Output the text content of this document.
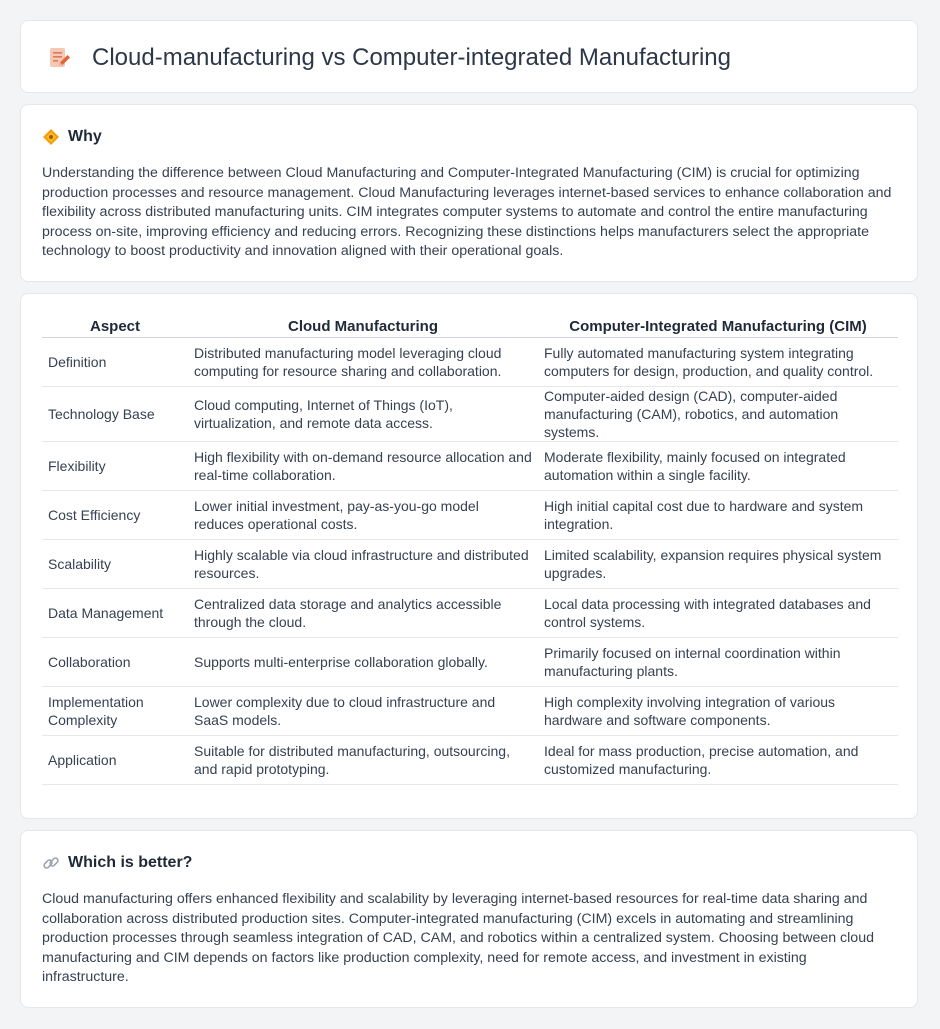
Cloud-manufacturing vs Computer-integrated Manufacturing
Why

Understanding the difference between Cloud Manufacturing and Computer-Integrated Manufacturing (CIM) is crucial for optimizing production processes and resource management. Cloud Manufacturing leverages internet-based services to enhance collaboration and flexibility across distributed manufacturing units. CIM integrates computer systems to automate and control the entire manufacturing process on-site, improving efficiency and reducing errors. Recognizing these distinctions helps manufacturers select the appropriate technology to boost productivity and innovation aligned with their operational goals.

Aspect	Cloud Manufacturing	Computer-Integrated Manufacturing (CIM)
Definition	Distributed manufacturing model leveraging cloud computing for resource sharing and collaboration.	Fully automated manufacturing system integrating computers for design, production, and quality control.
Technology Base	Cloud computing, Internet of Things (IoT), virtualization, and remote data access.	Computer-aided design (CAD), computer-aided manufacturing (CAM), robotics, and automation systems.
Flexibility	High flexibility with on-demand resource allocation and real-time collaboration.	Moderate flexibility, mainly focused on integrated automation within a single facility.
Cost Efficiency	Lower initial investment, pay-as-you-go model reduces operational costs.	High initial capital cost due to hardware and system integration.
Scalability	Highly scalable via cloud infrastructure and distributed resources.	Limited scalability, expansion requires physical system upgrades.
Data Management	Centralized data storage and analytics accessible through the cloud.	Local data processing with integrated databases and control systems.
Collaboration	Supports multi-enterprise collaboration globally.	Primarily focused on internal coordination within manufacturing plants.
Implementation Complexity	Lower complexity due to cloud infrastructure and SaaS models.	High complexity involving integration of various hardware and software components.
Application	Suitable for distributed manufacturing, outsourcing, and rapid prototyping.	Ideal for mass production, precise automation, and customized manufacturing.
Which is better?

Cloud manufacturing offers enhanced flexibility and scalability by leveraging internet-based resources for real-time data sharing and collaboration across distributed production sites. Computer-integrated manufacturing (CIM) excels in automating and streamlining production processes through seamless integration of CAD, CAM, and robotics within a centralized system. Choosing between cloud manufacturing and CIM depends on factors like production complexity, need for remote access, and investment in existing infrastructure.
